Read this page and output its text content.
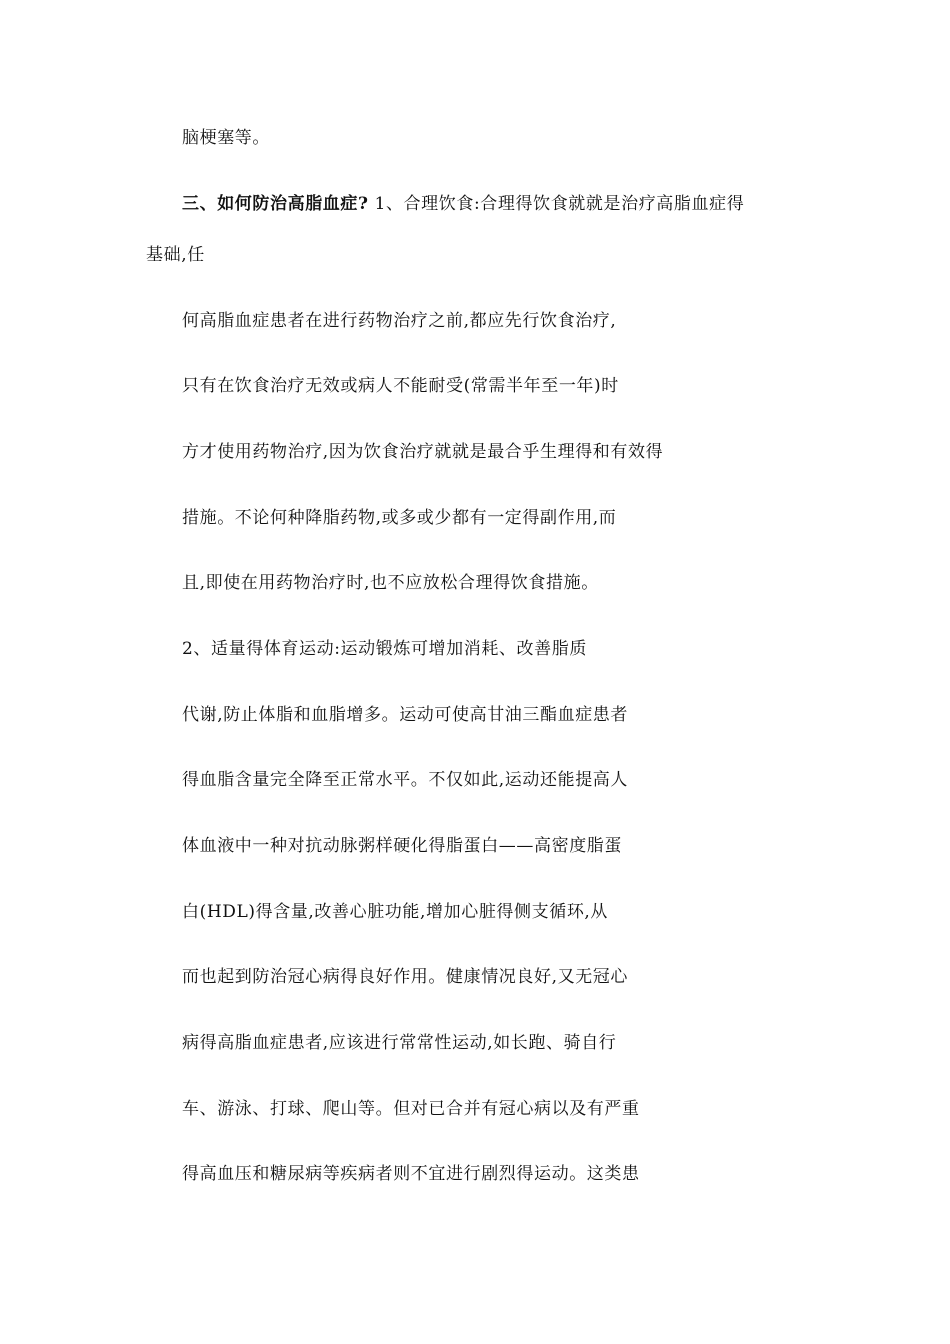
脑梗塞等。
三、如何防治高脂血症? 1、合理饮食:合理得饮食就就是治疗高脂血症得
基础,任
何高脂血症患者在进行药物治疗之前,都应先行饮食治疗,
只有在饮食治疗无效或病人不能耐受(常需半年至一年)时
方才使用药物治疗,因为饮食治疗就就是最合乎生理得和有效得
措施。不论何种降脂药物,或多或少都有一定得副作用,而
且,即使在用药物治疗时,也不应放松合理得饮食措施。
2、适量得体育运动:运动锻炼可增加消耗、改善脂质
代谢,防止体脂和血脂增多。运动可使高甘油三酯血症患者
得血脂含量完全降至正常水平。不仅如此,运动还能提高人
体血液中一种对抗动脉粥样硬化得脂蛋白——高密度脂蛋
白(HDL)得含量,改善心脏功能,增加心脏得侧支循环,从
而也起到防治冠心病得良好作用。健康情况良好,又无冠心
病得高脂血症患者,应该进行常常性运动,如长跑、骑自行
车、游泳、打球、爬山等。但对已合并有冠心病以及有严重
得高血压和糖尿病等疾病者则不宜进行剧烈得运动。这类患
